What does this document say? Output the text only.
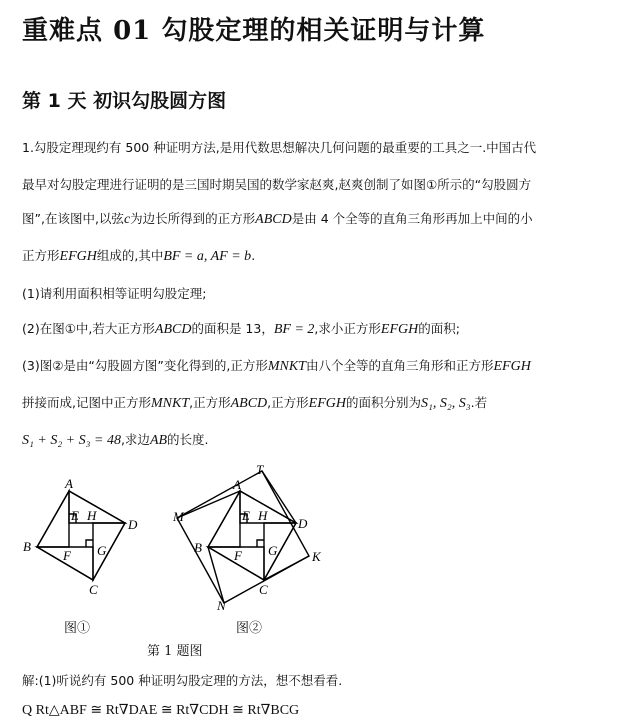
重难点 01 勾股定理的相关证明与计算
第 1 天 初识勾股圆方图
1.勾股定理现约有 500 种证明方法,是用代数思想解决几何问题的最重要的工具之一.中国古代
最早对勾股定理进行证明的是三国时期吴国的数学家赵爽,赵爽创制了如图①所示的“勾股圆方
图”,在该图中,以弦c为边长所得到的正方形ABCD是由 4 个全等的直角三角形再加上中间的小
正方形EFGH组成的,其中BF = a, AF = b.
(1)请利用面积相等证明勾股定理;
(2)在图①中,若大正方形ABCD的面积是 13，BF = 2,求小正方形EFGH的面积;
(3)图②是由“勾股圆方图”变化得到的,正方形MNKT由八个全等的直角三角形和正方形EFGH
拼接而成,记图中正方形MNKT,正方形ABCD,正方形EFGH的面积分别为S₁, S₂, S₃.若
S₁ + S₂ + S₃ = 48,求边AB的长度.
A
B
C
D
E
F G
H
T
A
M	D
B
K
C
N
E H
F G
图①	图②
第 1 题图
解:(1)听说约有 500 种证明勾股定理的方法，想不想看看.
Q Rt△ABF ≅ Rt∇DAE ≅ Rt∇CDH ≅ Rt∇BCG
